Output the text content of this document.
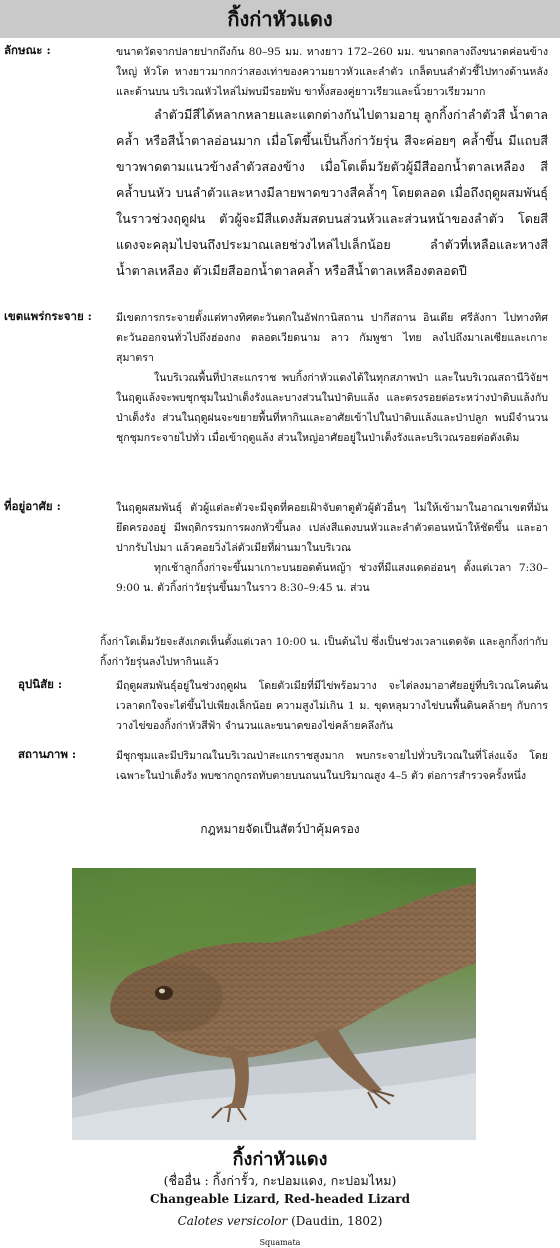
กิ้งก่าหัวแดง
ลักษณะ :	ขนาดวัดจากปลายปากถึงก้น 80–95 มม. หางยาว 172–260 มม. ขนาดกลางถึงขนาดค่อนข้างใหญ่ หัวโต หางยาวมากกว่าสองเท่าของความยาวหัวและลำตัว เกล็ดบนลำตัวชี้ไปทางด้านหลังและด้านบน บริเวณหัวไหล่ไม่พบมีรอยพับ ขาทั้งสองคู่ยาวเรียวและนิ้วยาวเรียวมาก

ลำตัวมีสีได้หลากหลายและแตกต่างกันไปตามอายุ ลูกกิ้งก่าลำตัวสี น้ำตาลคล้ำ หรือสีน้ำตาลอ่อนมาก เมื่อโตขึ้นเป็นกิ้งก่าวัยรุ่น สีจะค่อยๆ คล้ำขึ้น มีแถบสีขาวพาดตามแนวข้างลำตัวสองข้าง เมื่อโตเต็มวัยตัวผู้มีสีออกน้ำตาลเหลือง สีคล้ำบนหัว บนลำตัวและหางมีลายพาดขวางสีคล้ำๆ โดยตลอด เมื่อถึงฤดูผสมพันธุ์ในราวช่วงฤดูฝน ตัวผู้จะมีสีแดงส้มสดบนส่วนหัวและส่วนหน้าของลำตัว โดยสีแดงจะคลุมไปจนถึงประมาณเลยช่วงไหล่ไปเล็กน้อย ลำตัวที่เหลือและหางสีน้ำตาลเหลือง ตัวเมียสีออกน้ำตาลคล้ำ หรือสีน้ำตาลเหลืองตลอดปี

เขตแพร่กระจาย :	มีเขตการกระจายตั้งแต่ทางทิศตะวันตกในอัฟกานิสถาน ปากีสถาน อินเดีย ศรีลังกา ไปทางทิศตะวันออกจนทั่วไปถึงฮ่องกง ตลอดเวียดนาม ลาว กัมพูชา ไทย ลงไปถึงมาเลเซียและเกาะสุมาตรา

ในบริเวณพื้นที่ป่าสะแกราช พบกิ้งก่าหัวแดงได้ในทุกสภาพป่า และในบริเวณสถานีวิจัยฯ ในฤดูแล้งจะพบชุกชุมในป่าเต็งรังและบางส่วนในป่าดิบแล้ง และตรงรอยต่อระหว่างป่าดิบแล้งกับป่าเต็งรัง ส่วนในฤดูฝนจะขยายพื้นที่หากินและอาศัยเข้าไปในป่าดิบแล้งและป่าปลูก พบมีจำนวนชุกชุมกระจายไปทั่ว เมื่อเข้าฤดูแล้ง ส่วนใหญ่อาศัยอยู่ในป่าเต็งรังและบริเวณรอยต่อดังเดิม

ที่อยู่อาศัย :	ในฤดูผสมพันธุ์ ตัวผู้แต่ละตัวจะมีจุดที่คอยเฝ้าจับตาดูตัวผู้ตัวอื่นๆ ไม่ให้เข้ามาในอาณาเขตที่มันยึดครองอยู่ มีพฤติกรรมการผงกหัวขึ้นลง เปล่งสีแดงบนหัวและลำตัวตอนหน้าให้ชัดขึ้น และอาปากรับไปมา แล้วคอยวิ่งไล่ตัวเมียที่ผ่านมาในบริเวณ

ทุกเช้าลูกกิ้งก่าจะขึ้นมาเกาะบนยอดต้นหญ้า ช่วงที่มีแสงแดดอ่อนๆ ตั้งแต่เวลา 7:30–9:00 น. ตัวกิ้งก่าวัยรุ่นขึ้นมาในราว 8:30–9:45 น. ส่วน

กิ้งก่าโตเต็มวัยจะสังเกตเห็นตั้งแต่เวลา 10:00 น. เป็นต้นไป ซึ่งเป็นช่วงเวลาแดดจัด และลูกกิ้งก่ากับกิ้งก่าวัยรุ่นลงไปหากินแล้ว
อุปนิสัย :	มีฤดูผสมพันธุ์อยู่ในช่วงฤดูฝน โดยตัวเมียที่มีไข่พร้อมวาง จะไต่ลงมาอาศัยอยู่ที่บริเวณโคนต้น เวลาตกใจจะไต่ขึ้นไปเพียงเล็กน้อย ความสูงไม่เกิน 1 ม. ขุดหลุมวางไข่บนพื้นดินคล้ายๆ กับการวางไข่ของกิ้งก่าหัวสีฟ้า จำนวนและขนาดของไข่คล้ายคลึงกัน

สถานภาพ :	มีชุกชุมและมีปริมาณในบริเวณป่าสะแกราชสูงมาก พบกระจายไปทั่วบริเวณในที่โล่งแจ้ง โดยเฉพาะในป่าเต็งรัง พบซากถูกรถทับตายบนถนนในปริมาณสูง 4–5 ตัว ต่อการสำรวจครั้งหนึ่ง

กฎหมายจัดเป็นสัตว์ป่าคุ้มครอง
กิ้งก่าหัวแดง
(ชื่ออื่น : กิ้งก่ารั้ว, กะปอมแดง, กะปอมไหม)
Changeable Lizard, Red-headed Lizard
Calotes versicolor (Daudin, 1802)
Squamata
